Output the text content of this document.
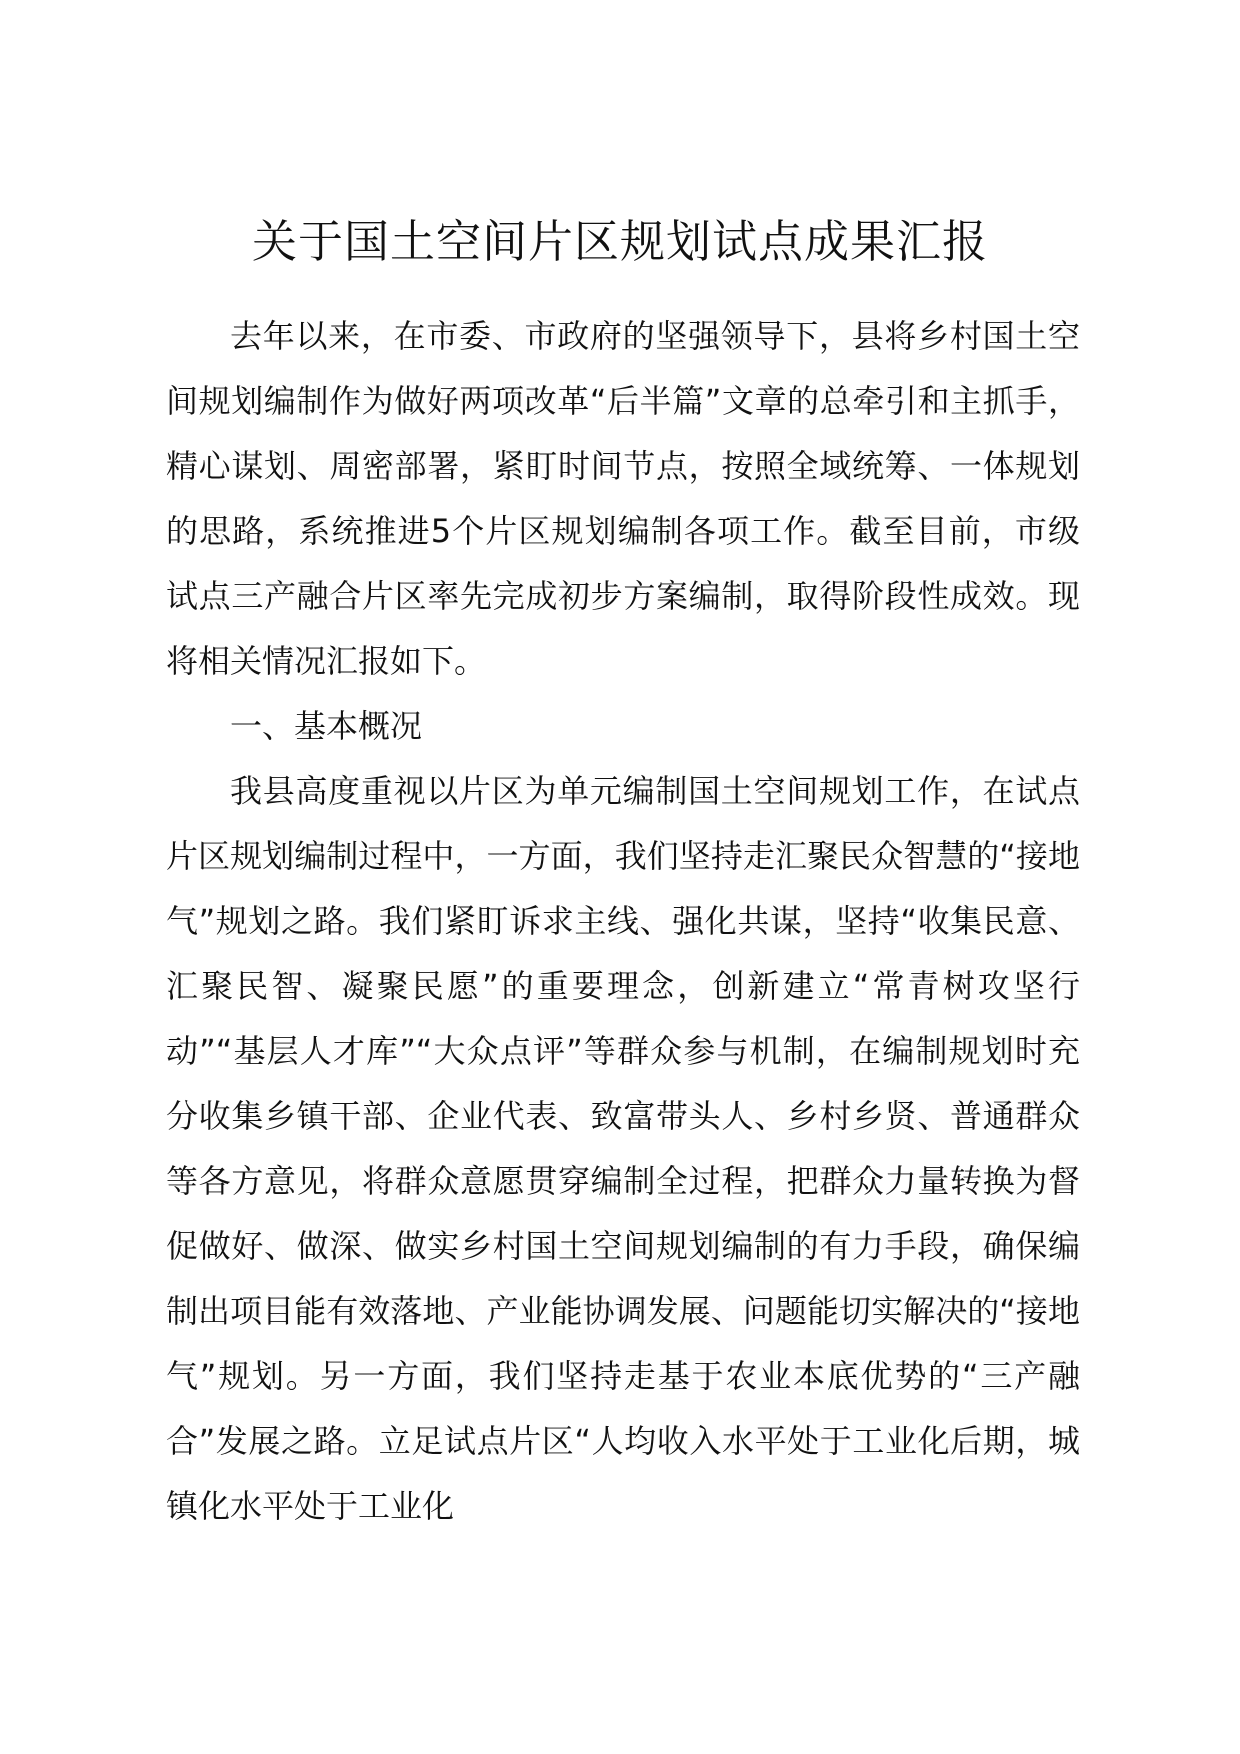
关于国土空间片区规划试点成果汇报

去年以来，在市委、市政府的坚强领导下，县将乡村国土空间规划编制作为做好两项改革“后半篇”文章的总牵引和主抓手，精心谋划、周密部署，紧盯时间节点，按照全域统筹、一体规划的思路，系统推进5个片区规划编制各项工作。截至目前，市级试点三产融合片区率先完成初步方案编制，取得阶段性成效。现将相关情况汇报如下。

一、基本概况

我县高度重视以片区为单元编制国土空间规划工作，在试点片区规划编制过程中，一方面，我们坚持走汇聚民众智慧的“接地气”规划之路。我们紧盯诉求主线、强化共谋，坚持“收集民意、汇聚民智、凝聚民愿”的重要理念，创新建立“常青树攻坚行动”“基层人才库”“大众点评”等群众参与机制，在编制规划时充分收集乡镇干部、企业代表、致富带头人、乡村乡贤、普通群众等各方意见，将群众意愿贯穿编制全过程，把群众力量转换为督促做好、做深、做实乡村国土空间规划编制的有力手段，确保编制出项目能有效落地、产业能协调发展、问题能切实解决的“接地气”规划。另一方面，我们坚持走基于农业本底优势的“三产融合”发展之路。立足试点片区“人均收入水平处于工业化后期，城镇化水平处于工业化
